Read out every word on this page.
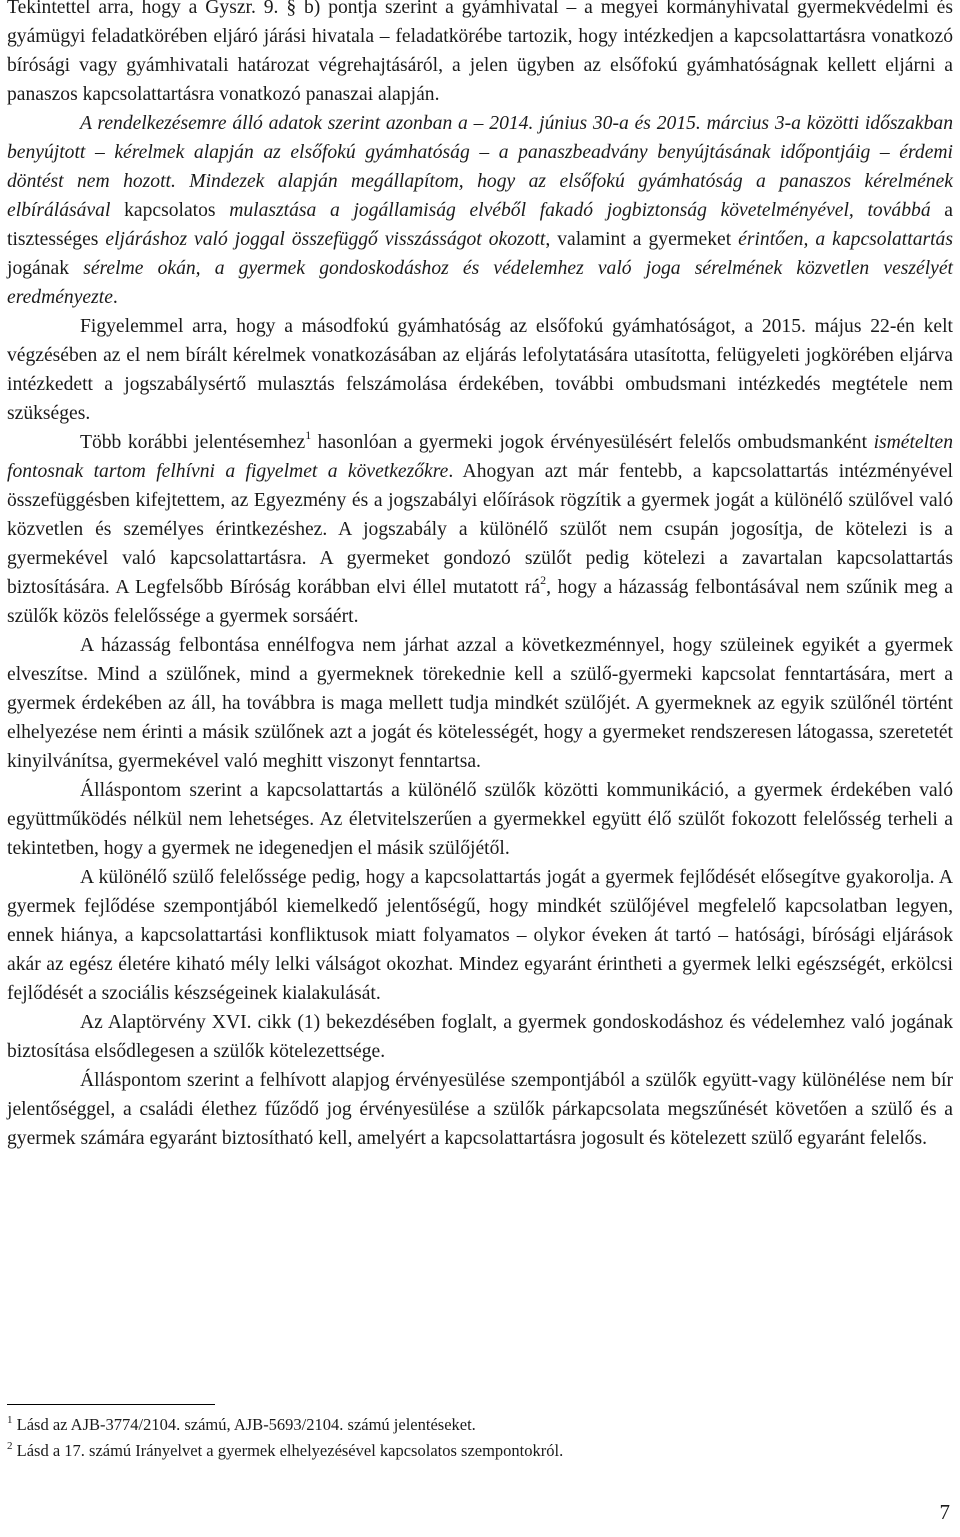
Tekintettel arra, hogy a Gyszr. 9. § b) pontja szerint a gyámhivatal – a megyei kormányhivatal gyermekvédelmi és gyámügyi feladatkörében eljáró járási hivatala – feladatkörébe tartozik, hogy intézkedjen a kapcsolattartásra vonatkozó bírósági vagy gyámhivatali határozat végrehajtásáról, a jelen ügyben az elsőfokú gyámhatóságnak kellett eljárni a panaszos kapcsolattartásra vonatkozó panaszai alapján.

A rendelkezésemre álló adatok szerint azonban a – 2014. június 30-a és 2015. március 3-a közötti időszakban benyújtott – kérelmek alapján az elsőfokú gyámhatóság – a panaszbeadvány benyújtásának időpontjáig – érdemi döntést nem hozott. Mindezek alapján megállapítom, hogy az elsőfokú gyámhatóság a panaszos kérelmének elbírálásával kapcsolatos mulasztása a jogállamiság elvéből fakadó jogbiztonság követelményével, továbbá a tisztességes eljáráshoz való joggal összefüggő visszásságot okozott, valamint a gyermeket érintően, a kapcsolattartás jogának sérelme okán, a gyermek gondoskodáshoz és védelemhez való joga sérelmének közvetlen veszélyét eredményezte.

Figyelemmel arra, hogy a másodfokú gyámhatóság az elsőfokú gyámhatóságot, a 2015. május 22-én kelt végzésében az el nem bírált kérelmek vonatkozásában az eljárás lefolytatására utasította, felügyeleti jogkörében eljárva intézkedett a jogszabálysértő mulasztás felszámolása érdekében, további ombudsmani intézkedés megtétele nem szükséges.

Több korábbi jelentésemhez$^1$ hasonlóan a gyermeki jogok érvényesülésért felelős ombudsmanként ismételten fontosnak tartom felhívni a figyelmet a következőkre. Ahogyan azt már fentebb, a kapcsolattartás intézményével összefüggésben kifejtettem, az Egyezmény és a jogszabályi előírások rögzítik a gyermek jogát a különélő szülővel való közvetlen és személyes érintkezéshez. A jogszabály a különélő szülőt nem csupán jogosítja, de kötelezi is a gyermekével való kapcsolattartásra. A gyermeket gondozó szülőt pedig kötelezi a zavartalan kapcsolattartás biztosítására. A Legfelsőbb Bíróság korábban elvi éllel mutatott $rá^2$, hogy a házasság felbontásával nem szűnik meg a szülők közös felelőssége a gyermek sorsáért.

A házasság felbontása ennélfogva nem járhat azzal a következménnyel, hogy szüleinek egyikét a gyermek elveszítse. Mind a szülőnek, mind a gyermeknek törekednie kell a szülő-gyermeki kapcsolat fenntartására, mert a gyermek érdekében az áll, ha továbbra is maga mellett tudja mindkét szülőjét. A gyermeknek az egyik szülőnél történt elhelyezése nem érinti a másik szülőnek azt a jogát és kötelességét, hogy a gyermeket rendszeresen látogassa, szeretetét kinyilvánítsa, gyermekével való meghitt viszonyt fenntartsa.

Álláspontom szerint a kapcsolattartás a különélő szülők közötti kommunikáció, a gyermek érdekében való együttműködés nélkül nem lehetséges. Az életvitelszerűen a gyermekkel együtt élő szülőt fokozott felelősség terheli a tekintetben, hogy a gyermek ne idegenedjen el másik szülőjétől.

A különélő szülő felelőssége pedig, hogy a kapcsolattartás jogát a gyermek fejlődését elősegítve gyakorolja. A gyermek fejlődése szempontjából kiemelkedő jelentőségű, hogy mindkét szülőjével megfelelő kapcsolatban legyen, ennek hiánya, a kapcsolattartási konfliktusok miatt folyamatos – olykor éveken át tartó – hatósági, bírósági eljárások akár az egész életére kiható mély lelki válságot okozhat. Mindez egyaránt érintheti a gyermek lelki egészségét, erkölcsi fejlődését a szociális készségeinek kialakulását.

Az Alaptörvény XVI. cikk (1) bekezdésében foglalt, a gyermek gondoskodáshoz és védelemhez való jogának biztosítása elsődlegesen a szülők kötelezettsége.

Álláspontom szerint a felhívott alapjog érvényesülése szempontjából a szülők együtt-vagy különélése nem bír jelentőséggel, a családi élethez fűződő jog érvényesülése a szülők párkapcsolata megszűnését követően a szülő és a gyermek számára egyaránt biztosítható kell, amelyért a kapcsolattartásra jogosult és kötelezett szülő egyaránt felelős.

$^1$ Lásd az AJB-3774/2104. számú, AJB-5693/2104. számú jelentéseket.

$^2$ Lásd a 17. számú Irányelvet a gyermek elhelyezésével kapcsolatos szempontokról.

7
